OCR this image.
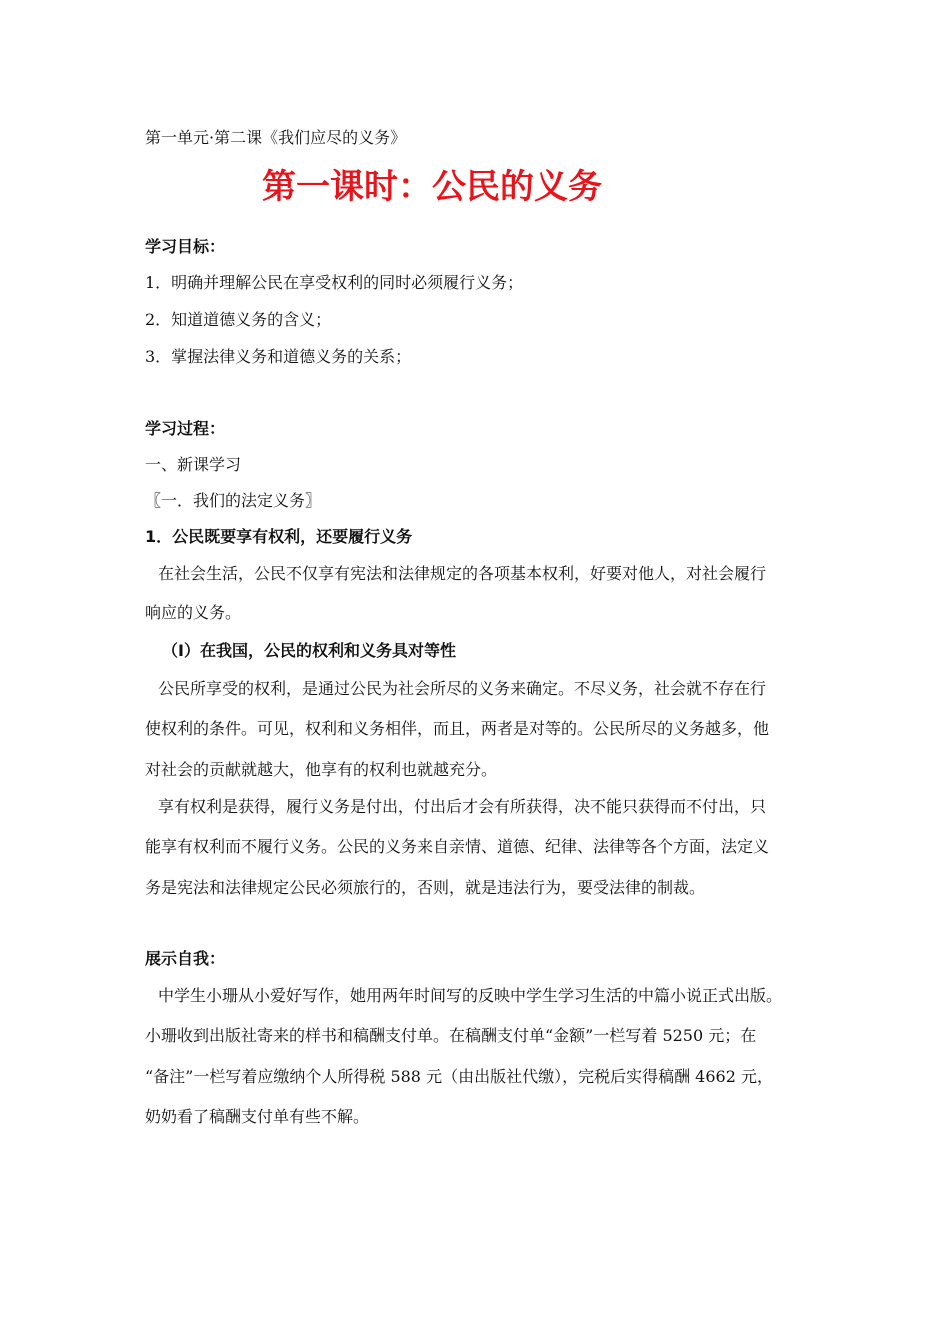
第一单元·第二课《我们应尽的义务》
第一课时：公民的义务
学习目标：
1．明确并理解公民在享受权利的同时必须履行义务；
2．知道道德义务的含义；
3．掌握法律义务和道德义务的关系；
学习过程：
一、新课学习
〖一．我们的法定义务〗
1．公民既要享有权利，还要履行义务
在社会生活，公民不仅享有宪法和法律规定的各项基本权利，好要对他人，对社会履行
响应的义务。
（I）在我国，公民的权利和义务具对等性
公民所享受的权利，是通过公民为社会所尽的义务来确定。不尽义务，社会就不存在行
使权利的条件。可见，权利和义务相伴，而且，两者是对等的。公民所尽的义务越多，他
对社会的贡献就越大，他享有的权利也就越充分。
享有权利是获得，履行义务是付出，付出后才会有所获得，决不能只获得而不付出，只
能享有权利而不履行义务。公民的义务来自亲情、道德、纪律、法律等各个方面，法定义
务是宪法和法律规定公民必须旅行的，否则，就是违法行为，要受法律的制裁。
展示自我：
中学生小珊从小爱好写作，她用两年时间写的反映中学生学习生活的中篇小说正式出版。
小珊收到出版社寄来的样书和稿酬支付单。在稿酬支付单“金额”一栏写着 5250 元；在
“备注”一栏写着应缴纳个人所得税 588 元（由出版社代缴），完税后实得稿酬 4662 元，
奶奶看了稿酬支付单有些不解。
